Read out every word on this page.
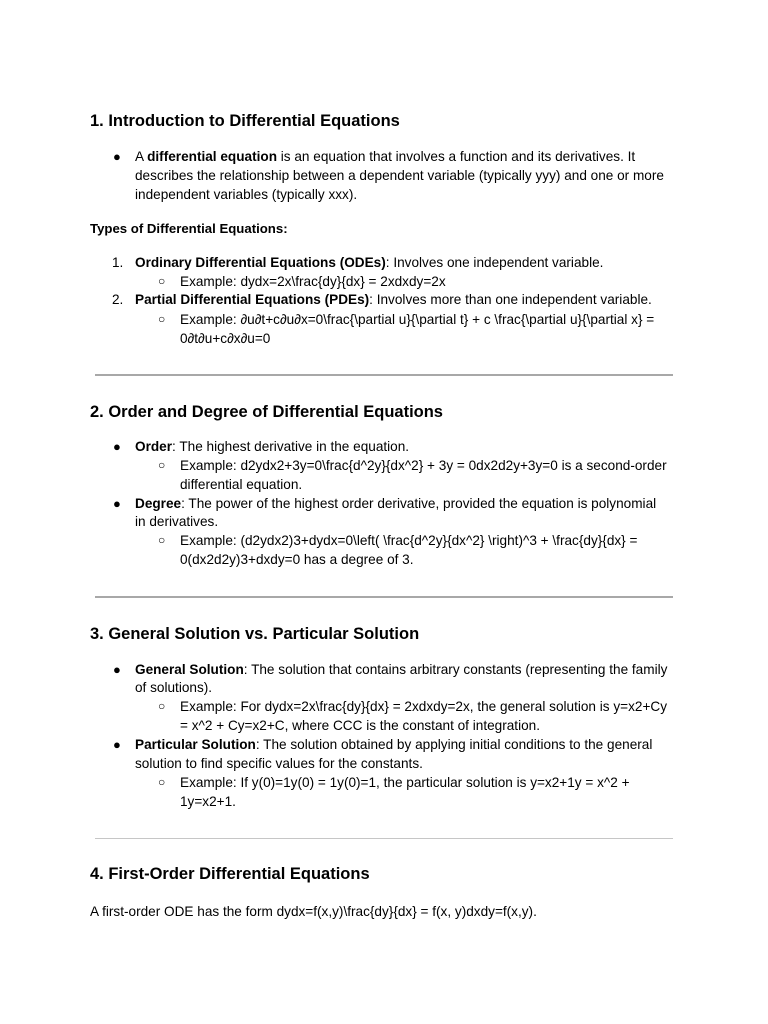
1. Introduction to Differential Equations
● A differential equation is an equation that involves a function and its derivatives. It

describes the relationship between a dependent variable (typically yyy) and one or more

independent variables (typically xxx).

Types of Differential Equations:

1. Ordinary Differential Equations (ODEs): Involves one independent variable.

○ Example: dydx=2x\frac{dy}{dx} = 2xdxdy=2x

2. Partial Differential Equations (PDEs): Involves more than one independent variable.

○ Example: ∂u∂t+c∂u∂x=0\frac{\partial u}{\partial t} + c \frac{\partial u}{\partial x} =

0∂t∂u+c∂x∂u=0

2. Order and Degree of Differential Equations
● Order: The highest derivative in the equation.

○ Example: d2ydx2+3y=0\frac{d^2y}{dx^2} + 3y = 0dx2d2y+3y=0 is a second-order

differential equation.

● Degree: The power of the highest order derivative, provided the equation is polynomial

in derivatives.

○ Example: (d2ydx2)3+dydx=0\left( \frac{d^2y}{dx^2} \right)^3 + \frac{dy}{dx} =

0(dx2d2y)3+dxdy=0 has a degree of 3.

3. General Solution vs. Particular Solution
● General Solution: The solution that contains arbitrary constants (representing the family

of solutions).

○ Example: For dydx=2x\frac{dy}{dx} = 2xdxdy=2x, the general solution is y=x2+Cy

= x^2 + Cy=x2+C, where CCC is the constant of integration.

● Particular Solution: The solution obtained by applying initial conditions to the general

solution to find specific values for the constants.

○ Example: If y(0)=1y(0) = 1y(0)=1, the particular solution is y=x2+1y = x^2 +

1y=x2+1.

4. First-Order Differential Equations

A first-order ODE has the form dydx=f(x,y)\frac{dy}{dx} = f(x, y)dxdy=f(x,y).
